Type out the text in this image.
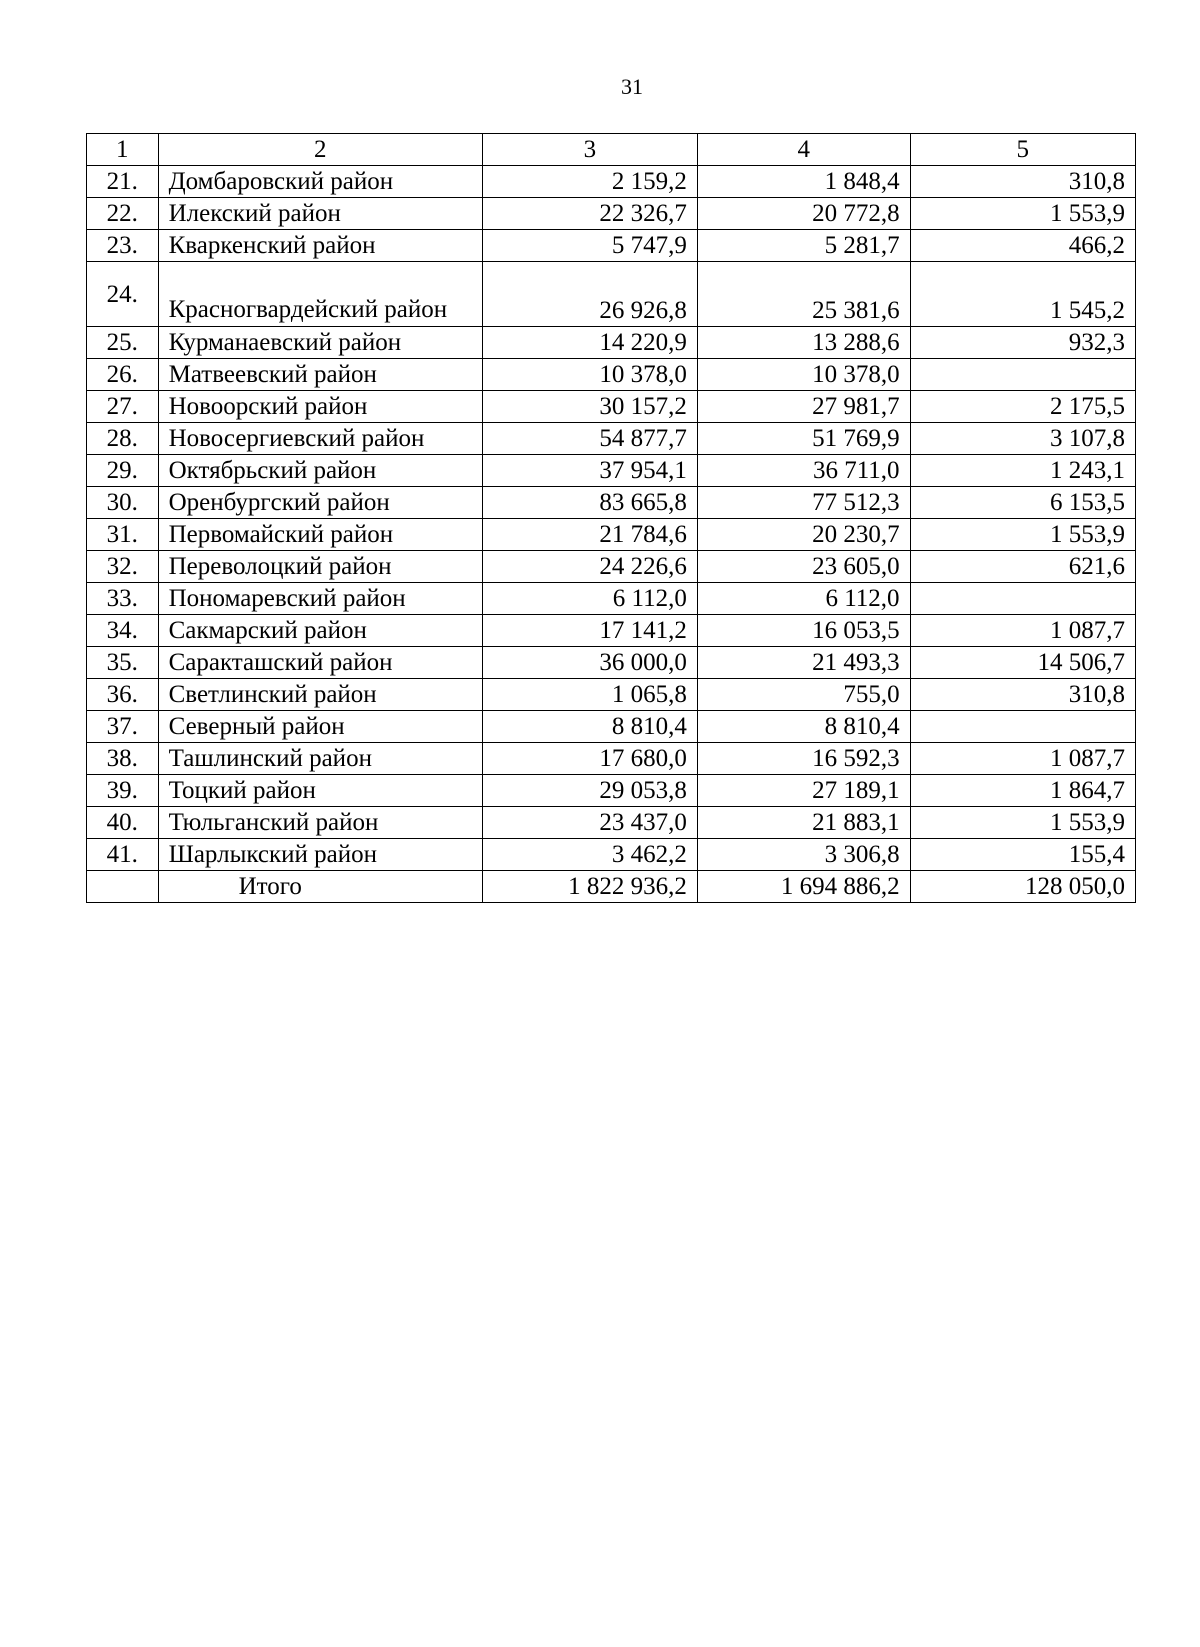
31
1	2	3	4	5
21.	Домбаровский район	2 159,2	1 848,4	310,8
22.	Илекский район	22 326,7	20 772,8	1 553,9
23.	Кваркенский район	5 747,9	5 281,7	466,2
24.	Красногвардейский район	26 926,8	25 381,6	1 545,2
25.	Курманаевский район	14 220,9	13 288,6	932,3
26.	Матвеевский район	10 378,0	10 378,0	
27.	Новоорский район	30 157,2	27 981,7	2 175,5
28.	Новосергиевский район	54 877,7	51 769,9	3 107,8
29.	Октябрьский район	37 954,1	36 711,0	1 243,1
30.	Оренбургский район	83 665,8	77 512,3	6 153,5
31.	Первомайский район	21 784,6	20 230,7	1 553,9
32.	Переволоцкий район	24 226,6	23 605,0	621,6
33.	Пономаревский район	6 112,0	6 112,0	
34.	Сакмарский район	17 141,2	16 053,5	1 087,7
35.	Саракташский район	36 000,0	21 493,3	14 506,7
36.	Светлинский район	1 065,8	755,0	310,8
37.	Северный район	8 810,4	8 810,4	
38.	Ташлинский район	17 680,0	16 592,3	1 087,7
39.	Тоцкий район	29 053,8	27 189,1	1 864,7
40.	Тюльганский район	23 437,0	21 883,1	1 553,9
41.	Шарлыкский район	3 462,2	3 306,8	155,4
	Итого	1 822 936,2	1 694 886,2	128 050,0
